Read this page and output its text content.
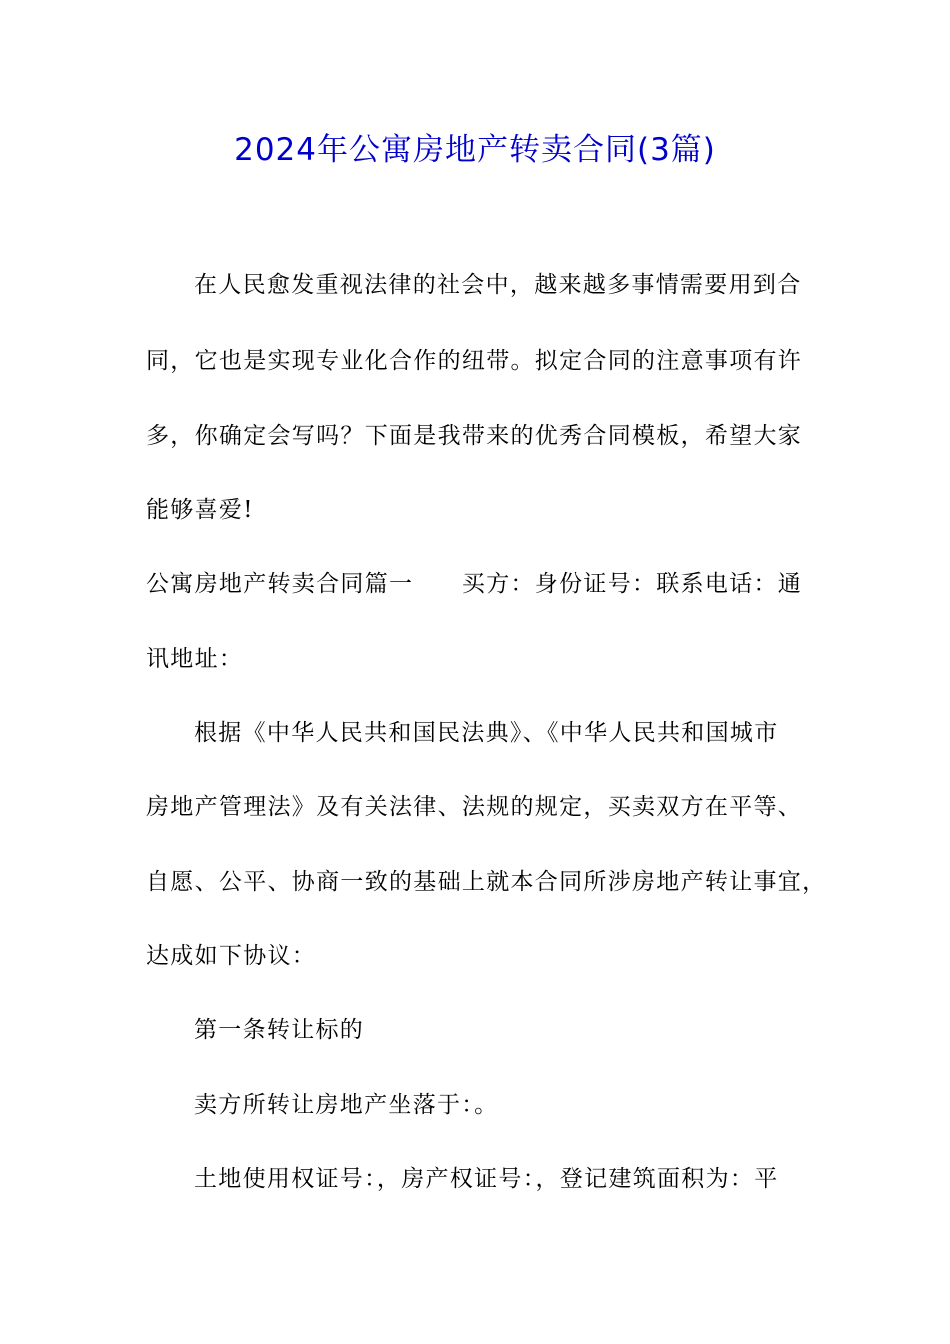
2024年公寓房地产转卖合同(3篇)
在人民愈发重视法律的社会中，越来越多事情需要用到合
同，它也是实现专业化合作的纽带。拟定合同的注意事项有许
多，你确定会写吗？下面是我带来的优秀合同模板，希望大家
能够喜爱!
公寓房地产转卖合同篇一　　买方：身份证号：联系电话：通
讯地址：
根据《中华人民共和国民法典》、《中华人民共和国城市
房地产管理法》及有关法律、法规的规定，买卖双方在平等、
自愿、公平、协商一致的基础上就本合同所涉房地产转让事宜，
达成如下协议：
第一条转让标的
卖方所转让房地产坐落于：。
土地使用权证号：，房产权证号：，登记建筑面积为：平
